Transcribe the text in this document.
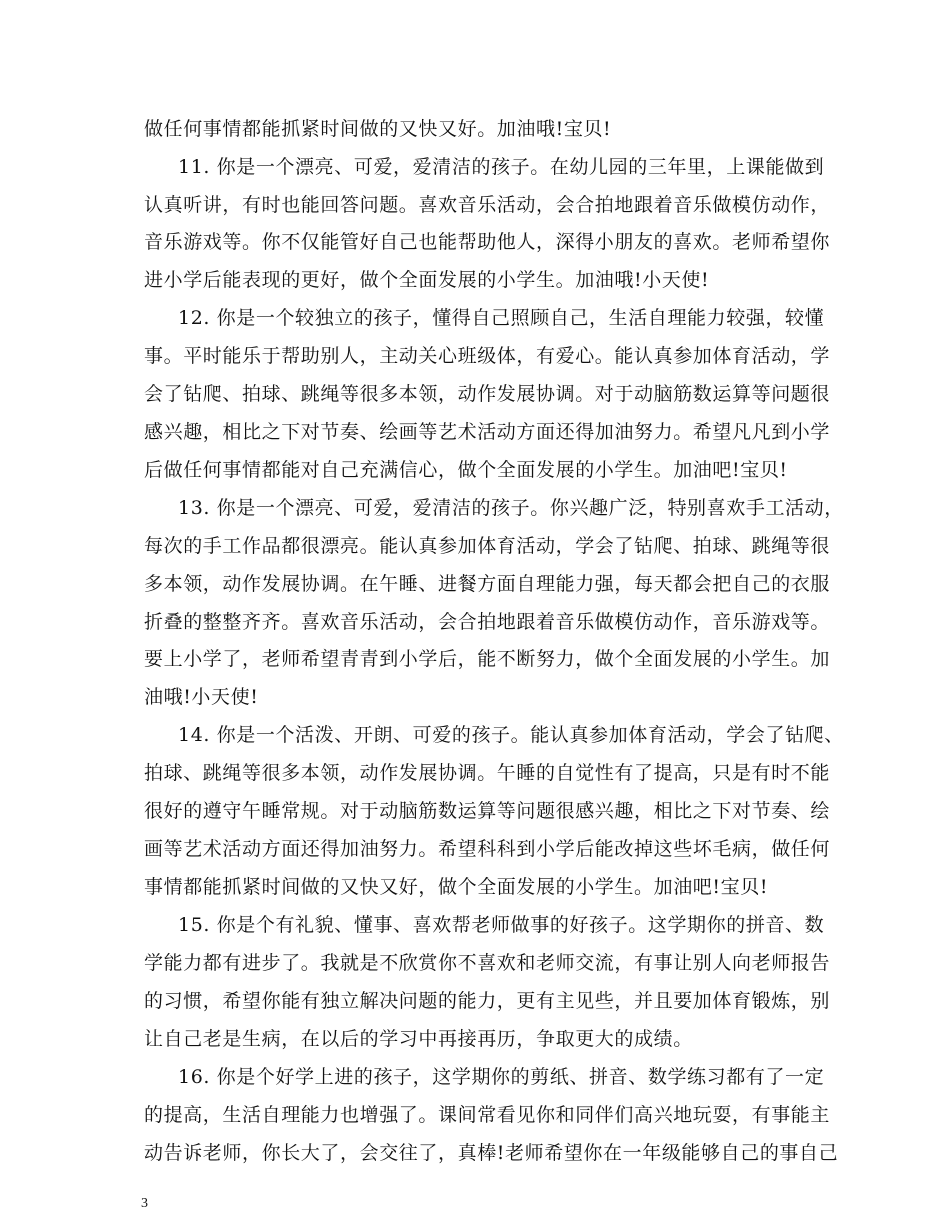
做任何事情都能抓紧时间做的又快又好。加油哦!宝贝!
11. 你是一个漂亮、可爱，爱清洁的孩子。在幼儿园的三年里，上课能做到
认真听讲，有时也能回答问题。喜欢音乐活动，会合拍地跟着音乐做模仿动作，
音乐游戏等。你不仅能管好自己也能帮助他人，深得小朋友的喜欢。老师希望你
进小学后能表现的更好，做个全面发展的小学生。加油哦!小天使!
12. 你是一个较独立的孩子，懂得自己照顾自己，生活自理能力较强，较懂
事。平时能乐于帮助别人，主动关心班级体，有爱心。能认真参加体育活动，学
会了钻爬、拍球、跳绳等很多本领，动作发展协调。对于动脑筋数运算等问题很
感兴趣，相比之下对节奏、绘画等艺术活动方面还得加油努力。希望凡凡到小学
后做任何事情都能对自己充满信心，做个全面发展的小学生。加油吧!宝贝!
13. 你是一个漂亮、可爱，爱清洁的孩子。你兴趣广泛，特别喜欢手工活动，
每次的手工作品都很漂亮。能认真参加体育活动，学会了钻爬、拍球、跳绳等很
多本领，动作发展协调。在午睡、进餐方面自理能力强，每天都会把自己的衣服
折叠的整整齐齐。喜欢音乐活动，会合拍地跟着音乐做模仿动作，音乐游戏等。
要上小学了，老师希望青青到小学后，能不断努力，做个全面发展的小学生。加
油哦!小天使!
14. 你是一个活泼、开朗、可爱的孩子。能认真参加体育活动，学会了钻爬、
拍球、跳绳等很多本领，动作发展协调。午睡的自觉性有了提高，只是有时不能
很好的遵守午睡常规。对于动脑筋数运算等问题很感兴趣，相比之下对节奏、绘
画等艺术活动方面还得加油努力。希望科科到小学后能改掉这些坏毛病，做任何
事情都能抓紧时间做的又快又好，做个全面发展的小学生。加油吧!宝贝!
15. 你是个有礼貌、懂事、喜欢帮老师做事的好孩子。这学期你的拼音、数
学能力都有进步了。我就是不欣赏你不喜欢和老师交流，有事让别人向老师报告
的习惯，希望你能有独立解决问题的能力，更有主见些，并且要加体育锻炼，别
让自己老是生病，在以后的学习中再接再历，争取更大的成绩。
16. 你是个好学上进的孩子，这学期你的剪纸、拼音、数学练习都有了一定
的提高，生活自理能力也增强了。课间常看见你和同伴们高兴地玩耍，有事能主
动告诉老师，你长大了，会交往了，真棒!老师希望你在一年级能够自己的事自己
3
